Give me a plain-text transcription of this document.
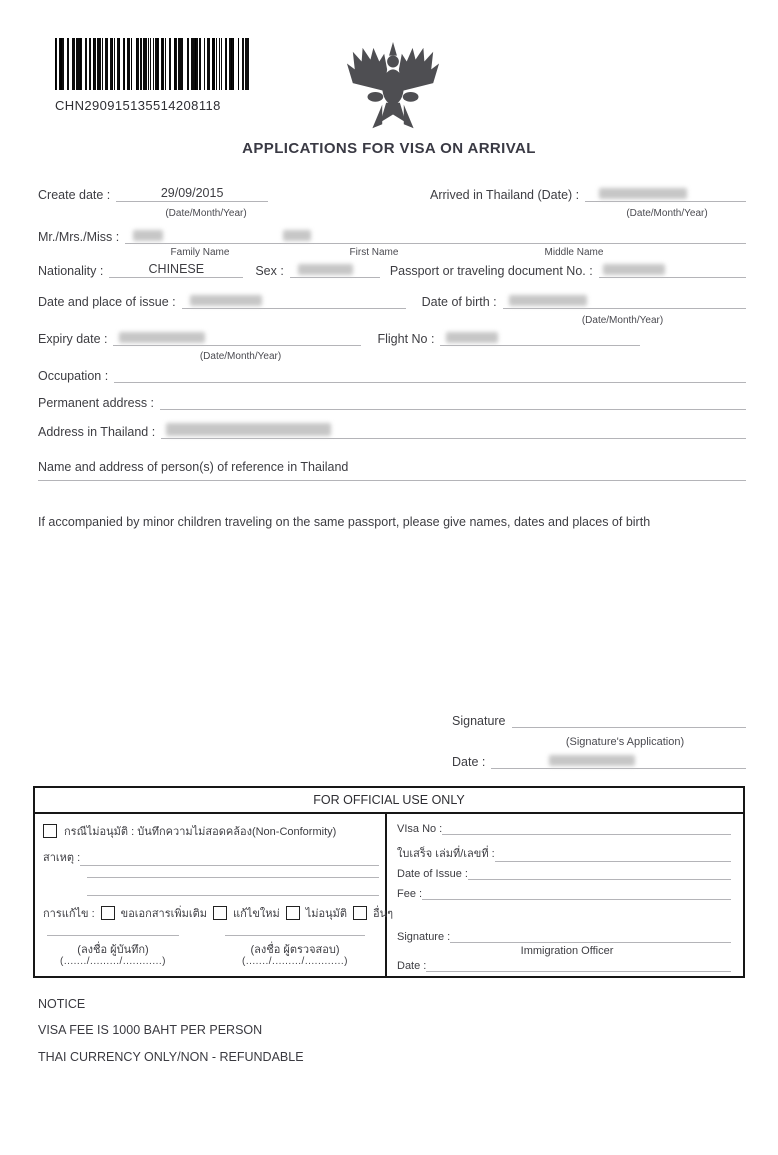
CHN290915135514208118
APPLICATIONS FOR VISA ON ARRIVAL
Create date :	29/09/2015
(Date/Month/Year)
Arrived in Thailand (Date) :
(Date/Month/Year)
Mr./Mrs./Miss :
Family Name	First Name	Middle Name
Nationality :	CHINESE	Sex :	Passport or traveling document No. :
Date and place of issue :	Date of birth :
(Date/Month/Year)
Expiry date :	Flight No :
(Date/Month/Year)
Occupation :
Permanent address :
Address in Thailand :
Name and address of person(s) of reference in Thailand
If accompanied by minor children traveling on the same passport, please give names, dates and places of birth
Signature
(Signature's Application)
Date :
FOR OFFICIAL USE ONLY
กรณีไม่อนุมัติ : บันทึกความไม่สอดคล้อง(Non-Conformity)
สาเหตุ :
การแก้ไข : ขอเอกสารเพิ่มเติม แก้ไขใหม่ ไม่อนุมัติ อื่นๆ
(ลงชื่อ ผู้บันทึก)	(ลงชื่อ ผู้ตรวจสอบ)
(......./........./............)	(......./........./............)
VIsa No :
ใบเสร็จ เล่มที่/เลขที่ :
Date of Issue :
Fee :
Signature :
Immigration Officer
Date :
NOTICE
VISA FEE IS 1000 BAHT PER PERSON
THAI CURRENCY ONLY/NON - REFUNDABLE
